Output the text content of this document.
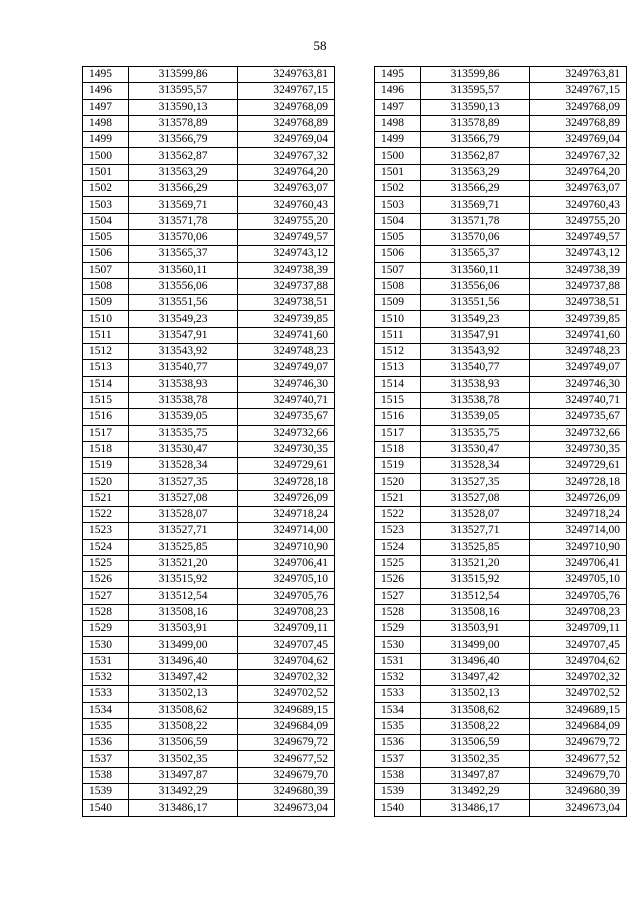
58
1495	313599,86	3249763,81
1496	313595,57	3249767,15
1497	313590,13	3249768,09
1498	313578,89	3249768,89
1499	313566,79	3249769,04
1500	313562,87	3249767,32
1501	313563,29	3249764,20
1502	313566,29	3249763,07
1503	313569,71	3249760,43
1504	313571,78	3249755,20
1505	313570,06	3249749,57
1506	313565,37	3249743,12
1507	313560,11	3249738,39
1508	313556,06	3249737,88
1509	313551,56	3249738,51
1510	313549,23	3249739,85
1511	313547,91	3249741,60
1512	313543,92	3249748,23
1513	313540,77	3249749,07
1514	313538,93	3249746,30
1515	313538,78	3249740,71
1516	313539,05	3249735,67
1517	313535,75	3249732,66
1518	313530,47	3249730,35
1519	313528,34	3249729,61
1520	313527,35	3249728,18
1521	313527,08	3249726,09
1522	313528,07	3249718,24
1523	313527,71	3249714,00
1524	313525,85	3249710,90
1525	313521,20	3249706,41
1526	313515,92	3249705,10
1527	313512,54	3249705,76
1528	313508,16	3249708,23
1529	313503,91	3249709,11
1530	313499,00	3249707,45
1531	313496,40	3249704,62
1532	313497,42	3249702,32
1533	313502,13	3249702,52
1534	313508,62	3249689,15
1535	313508,22	3249684,09
1536	313506,59	3249679,72
1537	313502,35	3249677,52
1538	313497,87	3249679,70
1539	313492,29	3249680,39
1540	313486,17	3249673,04
1495	313599,86	3249763,81
1496	313595,57	3249767,15
1497	313590,13	3249768,09
1498	313578,89	3249768,89
1499	313566,79	3249769,04
1500	313562,87	3249767,32
1501	313563,29	3249764,20
1502	313566,29	3249763,07
1503	313569,71	3249760,43
1504	313571,78	3249755,20
1505	313570,06	3249749,57
1506	313565,37	3249743,12
1507	313560,11	3249738,39
1508	313556,06	3249737,88
1509	313551,56	3249738,51
1510	313549,23	3249739,85
1511	313547,91	3249741,60
1512	313543,92	3249748,23
1513	313540,77	3249749,07
1514	313538,93	3249746,30
1515	313538,78	3249740,71
1516	313539,05	3249735,67
1517	313535,75	3249732,66
1518	313530,47	3249730,35
1519	313528,34	3249729,61
1520	313527,35	3249728,18
1521	313527,08	3249726,09
1522	313528,07	3249718,24
1523	313527,71	3249714,00
1524	313525,85	3249710,90
1525	313521,20	3249706,41
1526	313515,92	3249705,10
1527	313512,54	3249705,76
1528	313508,16	3249708,23
1529	313503,91	3249709,11
1530	313499,00	3249707,45
1531	313496,40	3249704,62
1532	313497,42	3249702,32
1533	313502,13	3249702,52
1534	313508,62	3249689,15
1535	313508,22	3249684,09
1536	313506,59	3249679,72
1537	313502,35	3249677,52
1538	313497,87	3249679,70
1539	313492,29	3249680,39
1540	313486,17	3249673,04
